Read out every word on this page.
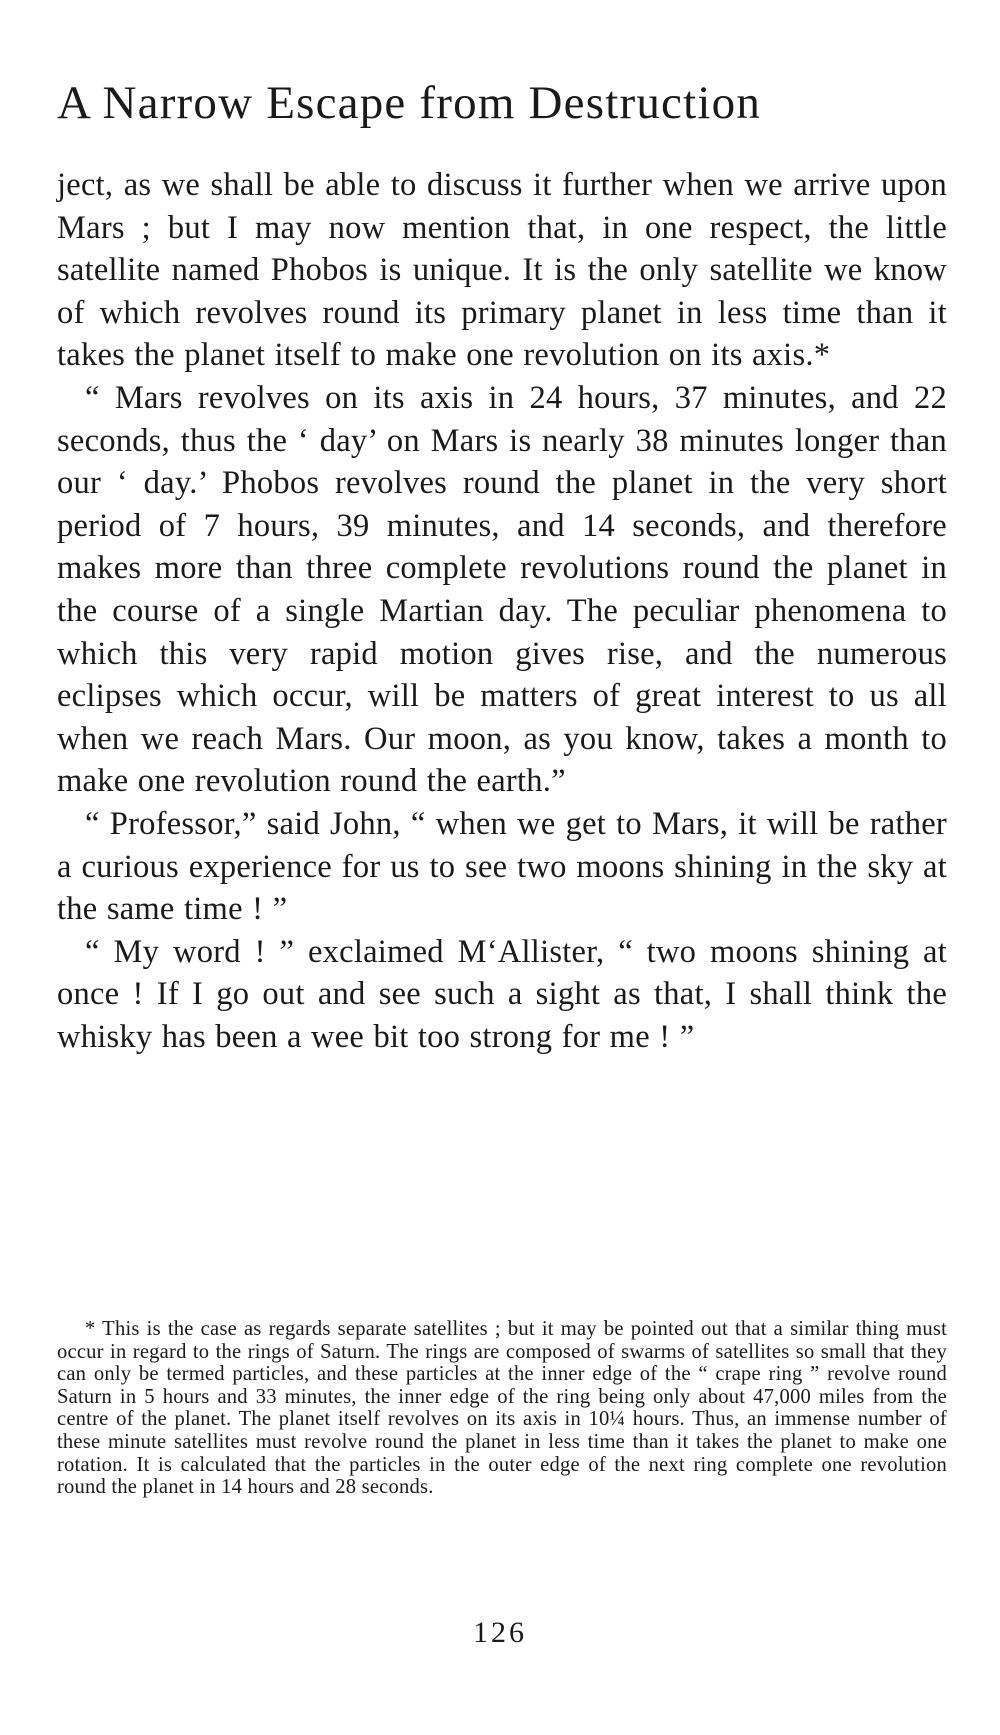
A Narrow Escape from Destruction

ject, as we shall be able to discuss it further when we arrive upon Mars ; but I may now mention that, in one respect, the little satellite named Phobos is unique. It is the only satellite we know of which revolves round its primary planet in less time than it takes the planet itself to make one revolution on its axis.*

“ Mars revolves on its axis in 24 hours, 37 minutes, and 22 seconds, thus the ‘ day’ on Mars is nearly 38 minutes longer than our ‘ day.’ Phobos revolves round the planet in the very short period of 7 hours, 39 minutes, and 14 seconds, and therefore makes more than three complete revolutions round the planet in the course of a single Martian day. The peculiar phenomena to which this very rapid motion gives rise, and the numerous eclipses which occur, will be matters of great interest to us all when we reach Mars. Our moon, as you know, takes a month to make one revolution round the earth.”

“ Professor,” said John, “ when we get to Mars, it will be rather a curious experience for us to see two moons shining in the sky at the same time ! ”

“ My word ! ” exclaimed M‘Allister, “ two moons shining at once ! If I go out and see such a sight as that, I shall think the whisky has been a wee bit too strong for me ! ”

* This is the case as regards separate satellites ; but it may be pointed out that a similar thing must occur in regard to the rings of Saturn. The rings are composed of swarms of satellites so small that they can only be termed particles, and these particles at the inner edge of the “ crape ring ” revolve round Saturn in 5 hours and 33 minutes, the inner edge of the ring being only about 47,000 miles from the centre of the planet. The planet itself revolves on its axis in 10¼ hours. Thus, an immense number of these minute satellites must revolve round the planet in less time than it takes the planet to make one rotation. It is calculated that the particles in the outer edge of the next ring complete one revolution round the planet in 14 hours and 28 seconds.

126
